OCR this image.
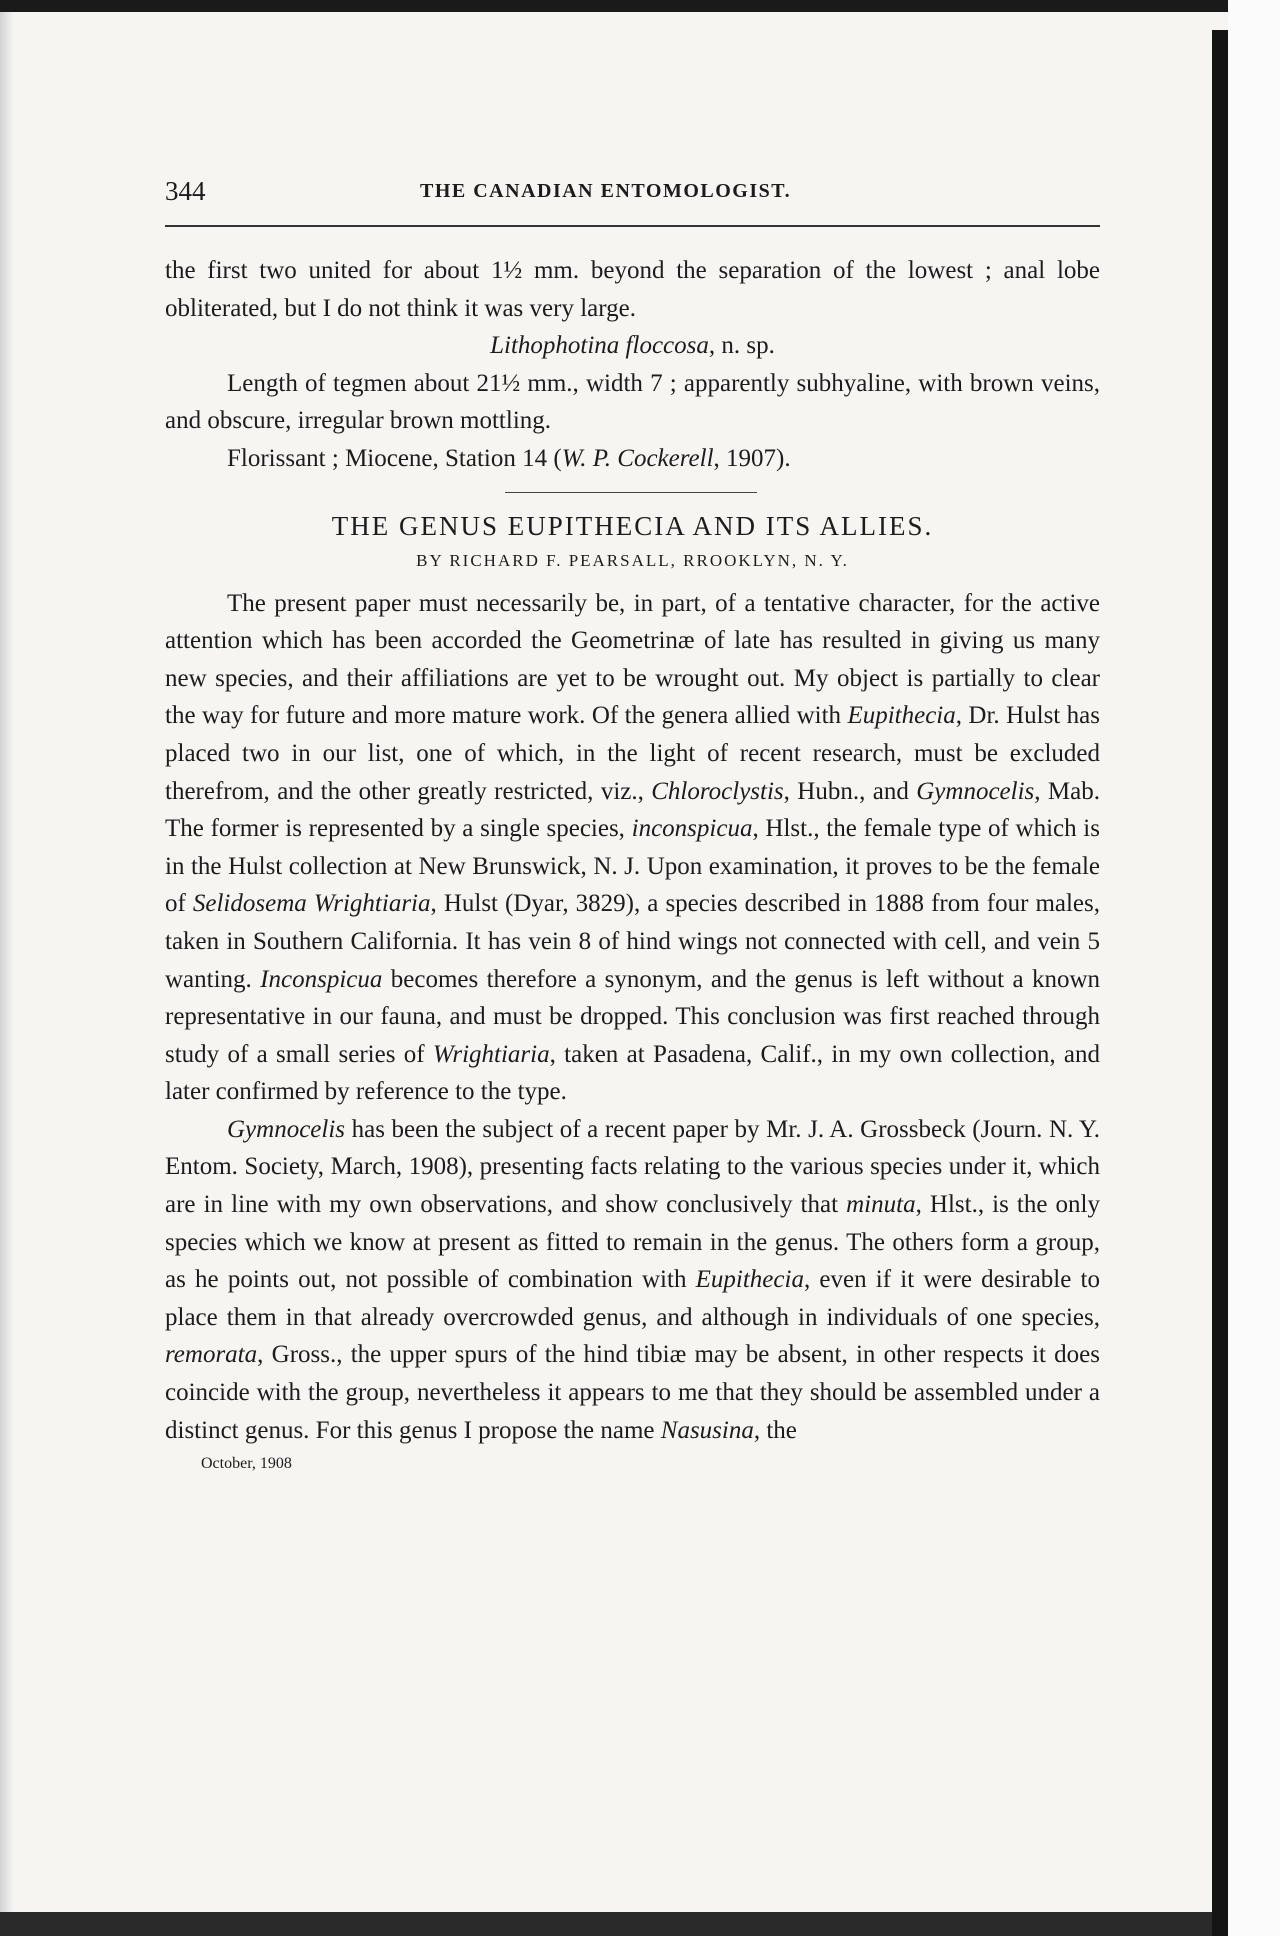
344	THE CANADIAN ENTOMOLOGIST.

the first two united for about 1½ mm. beyond the separation of the lowest ; anal lobe obliterated, but I do not think it was very large.

Lithophotina floccosa, n. sp.

Length of tegmen about 21½ mm., width 7 ; apparently subhyaline, with brown veins, and obscure, irregular brown mottling.

Florissant ; Miocene, Station 14 (W. P. Cockerell, 1907).

THE GENUS EUPITHECIA AND ITS ALLIES.
BY RICHARD F. PEARSALL, RROOKLYN, N. Y.

The present paper must necessarily be, in part, of a tentative character, for the active attention which has been accorded the Geometrinæ of late has resulted in giving us many new species, and their affiliations are yet to be wrought out. My object is partially to clear the way for future and more mature work. Of the genera allied with Eupithecia, Dr. Hulst has placed two in our list, one of which, in the light of recent research, must be excluded therefrom, and the other greatly restricted, viz., Chloroclystis, Hubn., and Gymnocelis, Mab. The former is represented by a single species, inconspicua, Hlst., the female type of which is in the Hulst collection at New Brunswick, N. J. Upon examination, it proves to be the female of Selidosema Wrightiaria, Hulst (Dyar, 3829), a species described in 1888 from four males, taken in Southern California. It has vein 8 of hind wings not connected with cell, and vein 5 wanting. Inconspicua becomes therefore a synonym, and the genus is left without a known representative in our fauna, and must be dropped. This conclusion was first reached through study of a small series of Wrightiaria, taken at Pasadena, Calif., in my own collection, and later confirmed by reference to the type.

Gymnocelis has been the subject of a recent paper by Mr. J. A. Grossbeck (Journ. N. Y. Entom. Society, March, 1908), presenting facts relating to the various species under it, which are in line with my own observations, and show conclusively that minuta, Hlst., is the only species which we know at present as fitted to remain in the genus. The others form a group, as he points out, not possible of combination with Eupithecia, even if it were desirable to place them in that already overcrowded genus, and although in individuals of one species, remorata, Gross., the upper spurs of the hind tibiæ may be absent, in other respects it does coincide with the group, nevertheless it appears to me that they should be assembled under a distinct genus. For this genus I propose the name Nasusina, the

October, 1908
